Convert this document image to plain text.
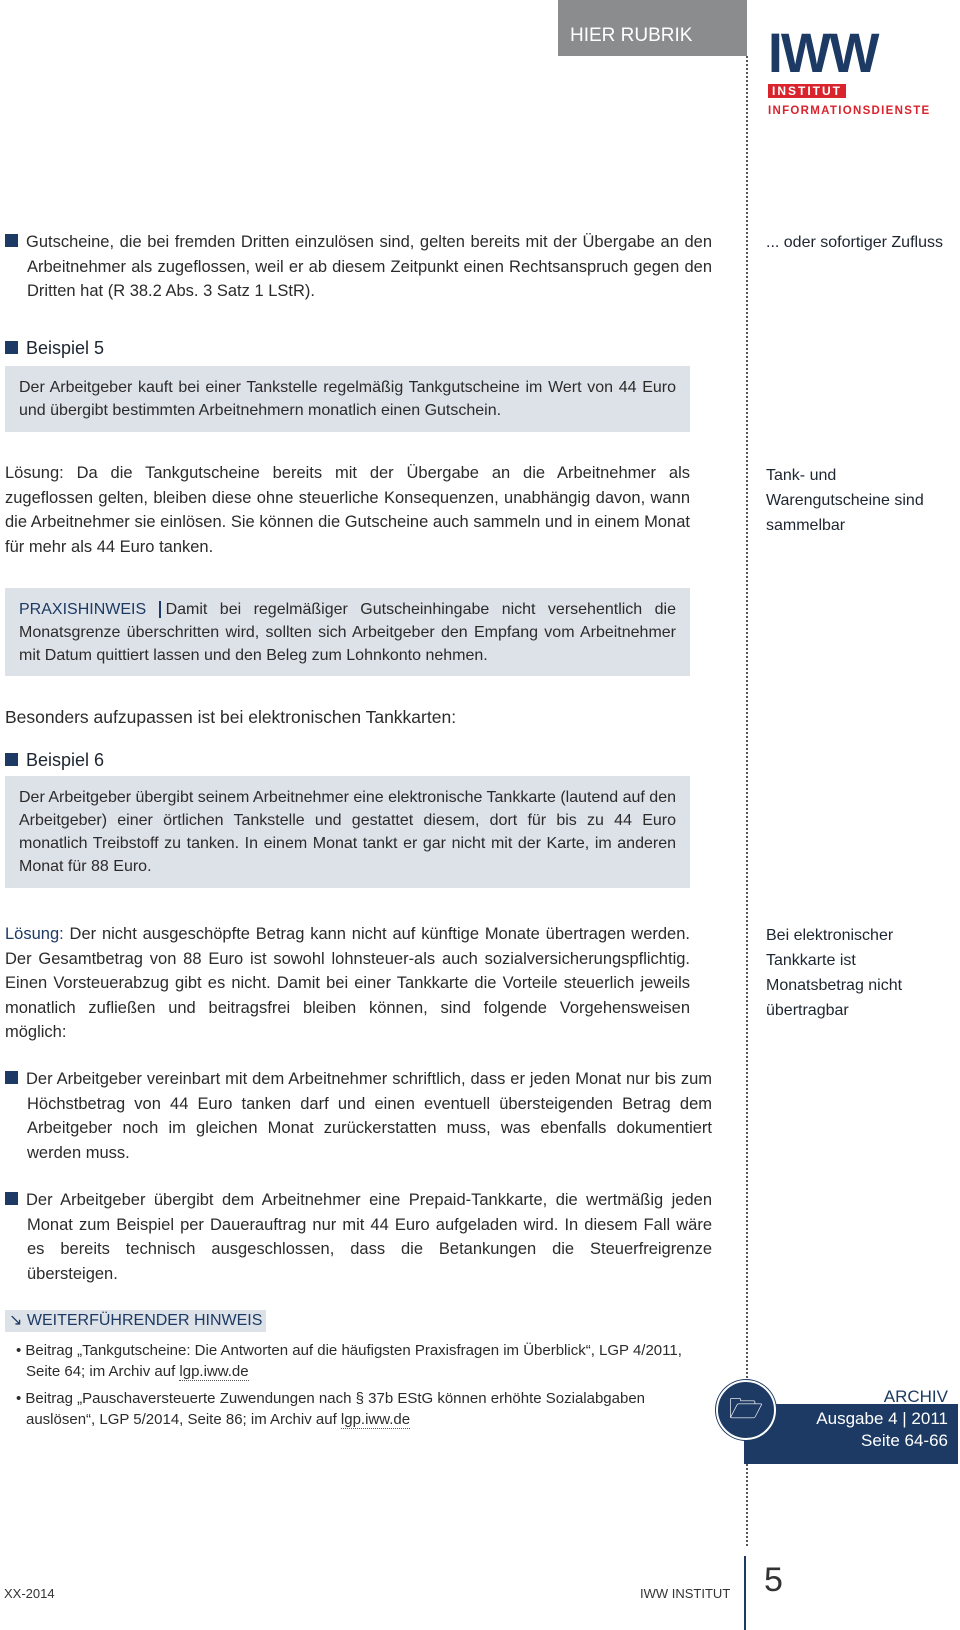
HIER RUBRIK	IWW
INSTITUT
INFORMATIONSDIENSTE
Gutscheine, die bei fremden Dritten einzulösen sind, gelten bereits mit der Übergabe an den Arbeitnehmer als zugeflossen, weil er ab diesem Zeitpunkt einen Rechtsanspruch gegen den Dritten hat (R 38.2 Abs. 3 Satz 1 LStR).
... oder sofortiger Zufluss
Beispiel 5
Der Arbeitgeber kauft bei einer Tankstelle regelmäßig Tankgutscheine im Wert von 44 Euro und übergibt bestimmten Arbeitnehmern monatlich einen Gutschein.
Lösung: Da die Tankgutscheine bereits mit der Übergabe an die Arbeitnehmer als zugeflossen gelten, bleiben diese ohne steuerliche Konsequenzen, unabhängig davon, wann die Arbeitnehmer sie einlösen. Sie können die Gutscheine auch sammeln und in einem Monat für mehr als 44 Euro tanken.
Tank- und Warengutscheine sind sammelbar
PRAXISHINWEIS Damit bei regelmäßiger Gutscheinhingabe nicht versehentlich die Monatsgrenze überschritten wird, sollten sich Arbeitgeber den Empfang vom Arbeitnehmer mit Datum quittiert lassen und den Beleg zum Lohnkonto nehmen.
Besonders aufzupassen ist bei elektronischen Tankkarten:
Beispiel 6
Der Arbeitgeber übergibt seinem Arbeitnehmer eine elektronische Tankkarte (lautend auf den Arbeitgeber) einer örtlichen Tankstelle und gestattet diesem, dort für bis zu 44 Euro monatlich Treibstoff zu tanken. In einem Monat tankt er gar nicht mit der Karte, im anderen Monat für 88 Euro.
Lösung: Der nicht ausgeschöpfte Betrag kann nicht auf künftige Monate übertragen werden. Der Gesamtbetrag von 88 Euro ist sowohl lohnsteuer-als auch sozialversicherungspflichtig. Einen Vorsteuerabzug gibt es nicht. Damit bei einer Tankkarte die Vorteile steuerlich jeweils monatlich zufließen und beitragsfrei bleiben können, sind folgende Vorgehensweisen möglich:
Bei elektronischer Tankkarte ist Monatsbetrag nicht übertragbar
Der Arbeitgeber vereinbart mit dem Arbeitnehmer schriftlich, dass er jeden Monat nur bis zum Höchstbetrag von 44 Euro tanken darf und einen eventuell übersteigenden Betrag dem Arbeitgeber noch im gleichen Monat zurückerstatten muss, was ebenfalls dokumentiert werden muss.
Der Arbeitgeber übergibt dem Arbeitnehmer eine Prepaid-Tankkarte, die wertmäßig jeden Monat zum Beispiel per Dauerauftrag nur mit 44 Euro aufgeladen wird. In diesem Fall wäre es bereits technisch ausgeschlossen, dass die Betankungen die Steuerfreigrenze übersteigen.
↘ WEITERFÜHRENDER HINWEIS
• Beitrag „Tankgutscheine: Die Antworten auf die häufigsten Praxisfragen im Überblick“, LGP 4/2011, Seite 64; im Archiv auf lgp.iww.de
• Beitrag „Pauschaversteuerte Zuwendungen nach § 37b EStG können erhöhte Sozialabgaben auslösen“, LGP 5/2014, Seite 86; im Archiv auf lgp.iww.de	🗁	ARCHIV
Ausgabe 4 | 2011
Seite 64-66
XX-2014	IWW INSTITUT 5
